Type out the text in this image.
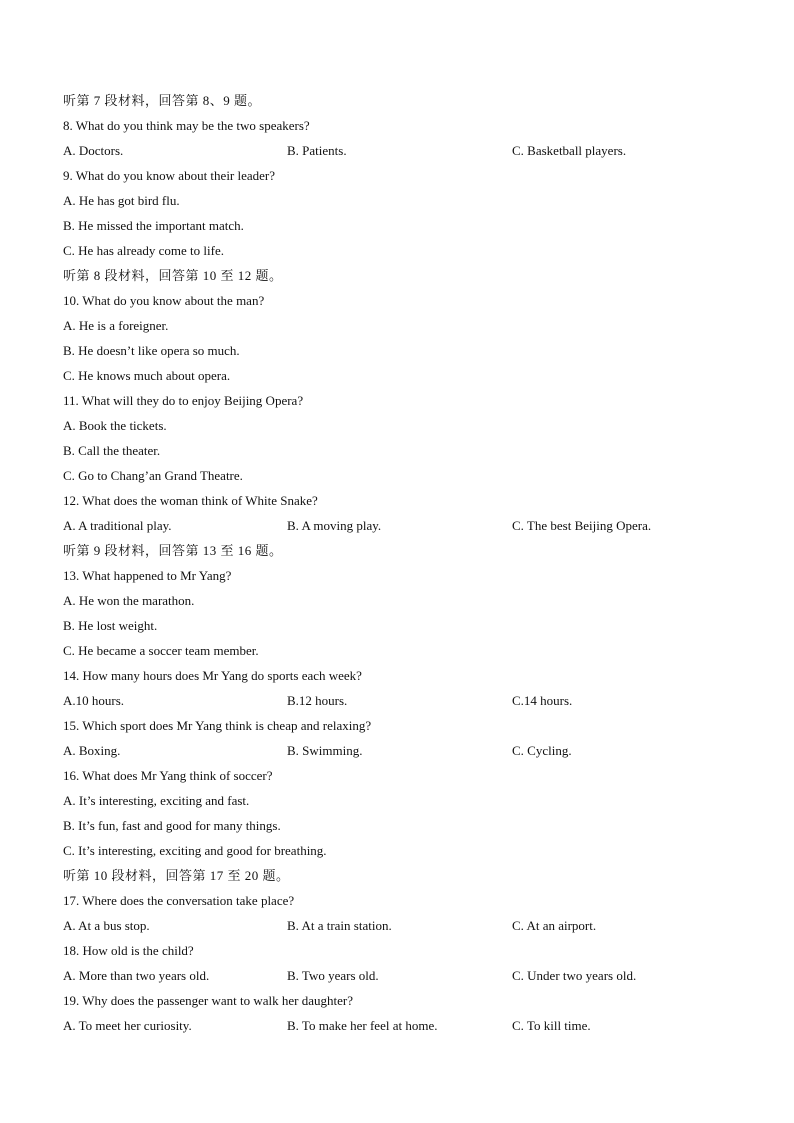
听第 7 段材料，回答第 8、9 题。
8. What do you think may be the two speakers?
A. Doctors.	B. Patients.	C. Basketball players.
9. What do you know about their leader?
A. He has got bird flu.
B. He missed the important match.
C. He has already come to life.
听第 8 段材料，回答第 10 至 12 题。
10. What do you know about the man?
A. He is a foreigner.
B. He doesn’t like opera so much.
C. He knows much about opera.
11. What will they do to enjoy Beijing Opera?
A. Book the tickets.
B. Call the theater.
C. Go to Chang’an Grand Theatre.
12. What does the woman think of White Snake?
A. A traditional play.	B. A moving play.	C. The best Beijing Opera.
听第 9 段材料，回答第 13 至 16 题。
13. What happened to Mr Yang?
A. He won the marathon.
B. He lost weight.
C. He became a soccer team member.
14. How many hours does Mr Yang do sports each week?
A.10 hours.	B.12 hours.	C.14 hours.
15. Which sport does Mr Yang think is cheap and relaxing?
A. Boxing.	B. Swimming.	C. Cycling.
16. What does Mr Yang think of soccer?
A. It’s interesting, exciting and fast.
B. It’s fun, fast and good for many things.
C. It’s interesting, exciting and good for breathing.
听第 10 段材料，回答第 17 至 20 题。
17. Where does the conversation take place?
A. At a bus stop.	B. At a train station.	C. At an airport.
18. How old is the child?
A. More than two years old.	B. Two years old.	C. Under two years old.
19. Why does the passenger want to walk her daughter?
A. To meet her curiosity.	B. To make her feel at home.	C. To kill time.
